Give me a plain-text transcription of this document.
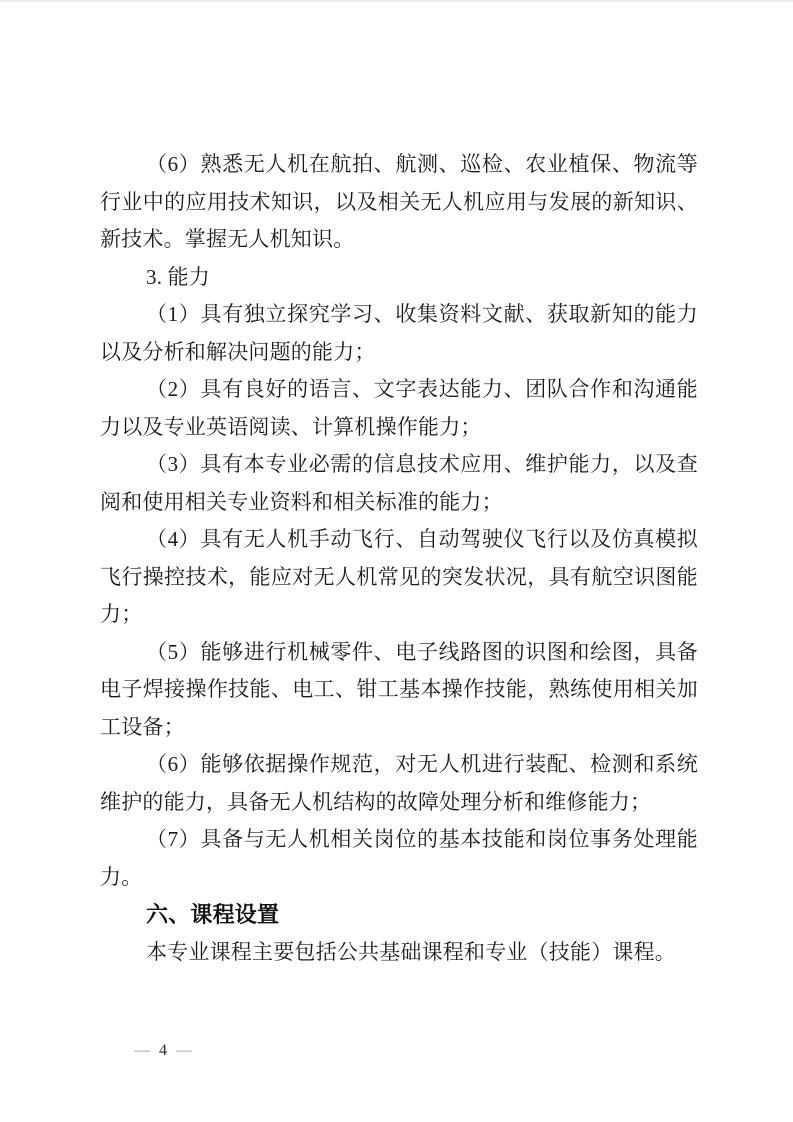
（6）熟悉无人机在航拍、航测、巡检、农业植保、物流等
行业中的应用技术知识，以及相关无人机应用与发展的新知识、
新技术。掌握无人机知识。
3. 能力
（1）具有独立探究学习、收集资料文献、获取新知的能力
以及分析和解决问题的能力；
（2）具有良好的语言、文字表达能力、团队合作和沟通能
力以及专业英语阅读、计算机操作能力；
（3）具有本专业必需的信息技术应用、维护能力，以及查
阅和使用相关专业资料和相关标准的能力；
（4）具有无人机手动飞行、自动驾驶仪飞行以及仿真模拟
飞行操控技术，能应对无人机常见的突发状况，具有航空识图能
力；
（5）能够进行机械零件、电子线路图的识图和绘图，具备
电子焊接操作技能、电工、钳工基本操作技能，熟练使用相关加
工设备；
（6）能够依据操作规范，对无人机进行装配、检测和系统
维护的能力，具备无人机结构的故障处理分析和维修能力；
（7）具备与无人机相关岗位的基本技能和岗位事务处理能
力。
六、课程设置
本专业课程主要包括公共基础课程和专业（技能）课程。
— 4 —
